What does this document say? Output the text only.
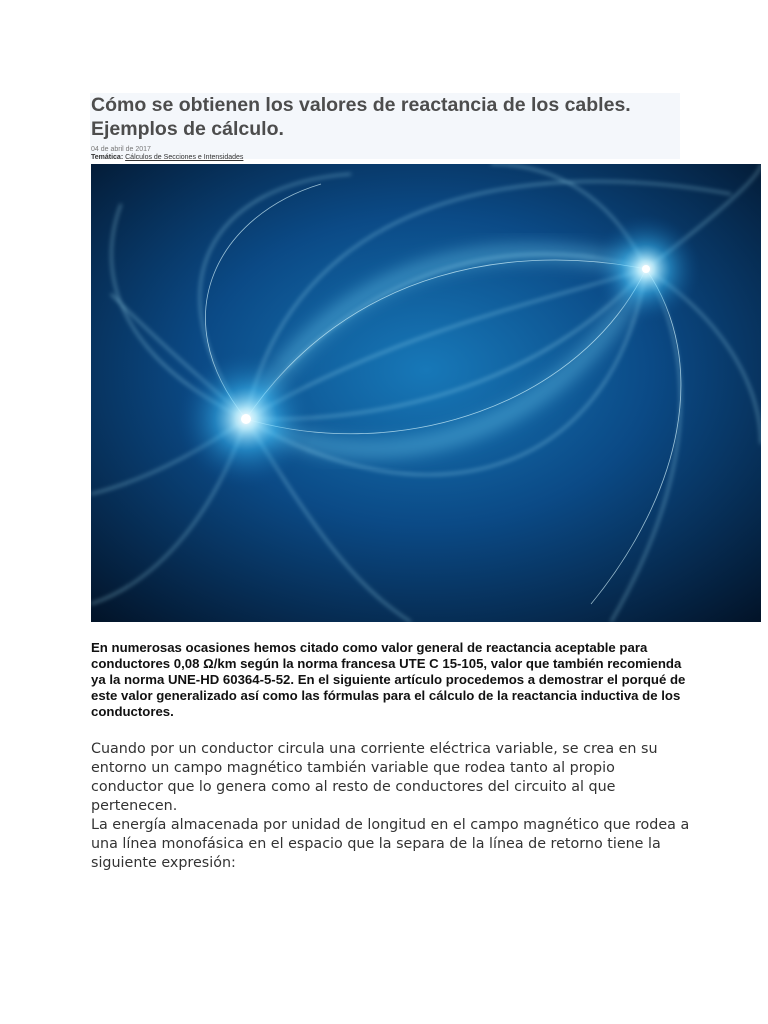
Cómo se obtienen los valores de reactancia de los cables. Ejemplos de cálculo.
04 de abril de 2017
Temática: Cálculos de Secciones e Intensidades

En numerosas ocasiones hemos citado como valor general de reactancia aceptable para conductores 0,08 Ω/km según la norma francesa UTE C 15-105, valor que también recomienda ya la norma UNE-HD 60364-5-52. En el siguiente artículo procedemos a demostrar el porqué de este valor generalizado así como las fórmulas para el cálculo de la reactancia inductiva de los conductores.

Cuando por un conductor circula una corriente eléctrica variable, se crea en su entorno un campo magnético también variable que rodea tanto al propio conductor que lo genera como al resto de conductores del circuito al que pertenecen.

La energía almacenada por unidad de longitud en el campo magnético que rodea a una línea monofásica en el espacio que la separa de la línea de retorno tiene la siguiente expresión:
